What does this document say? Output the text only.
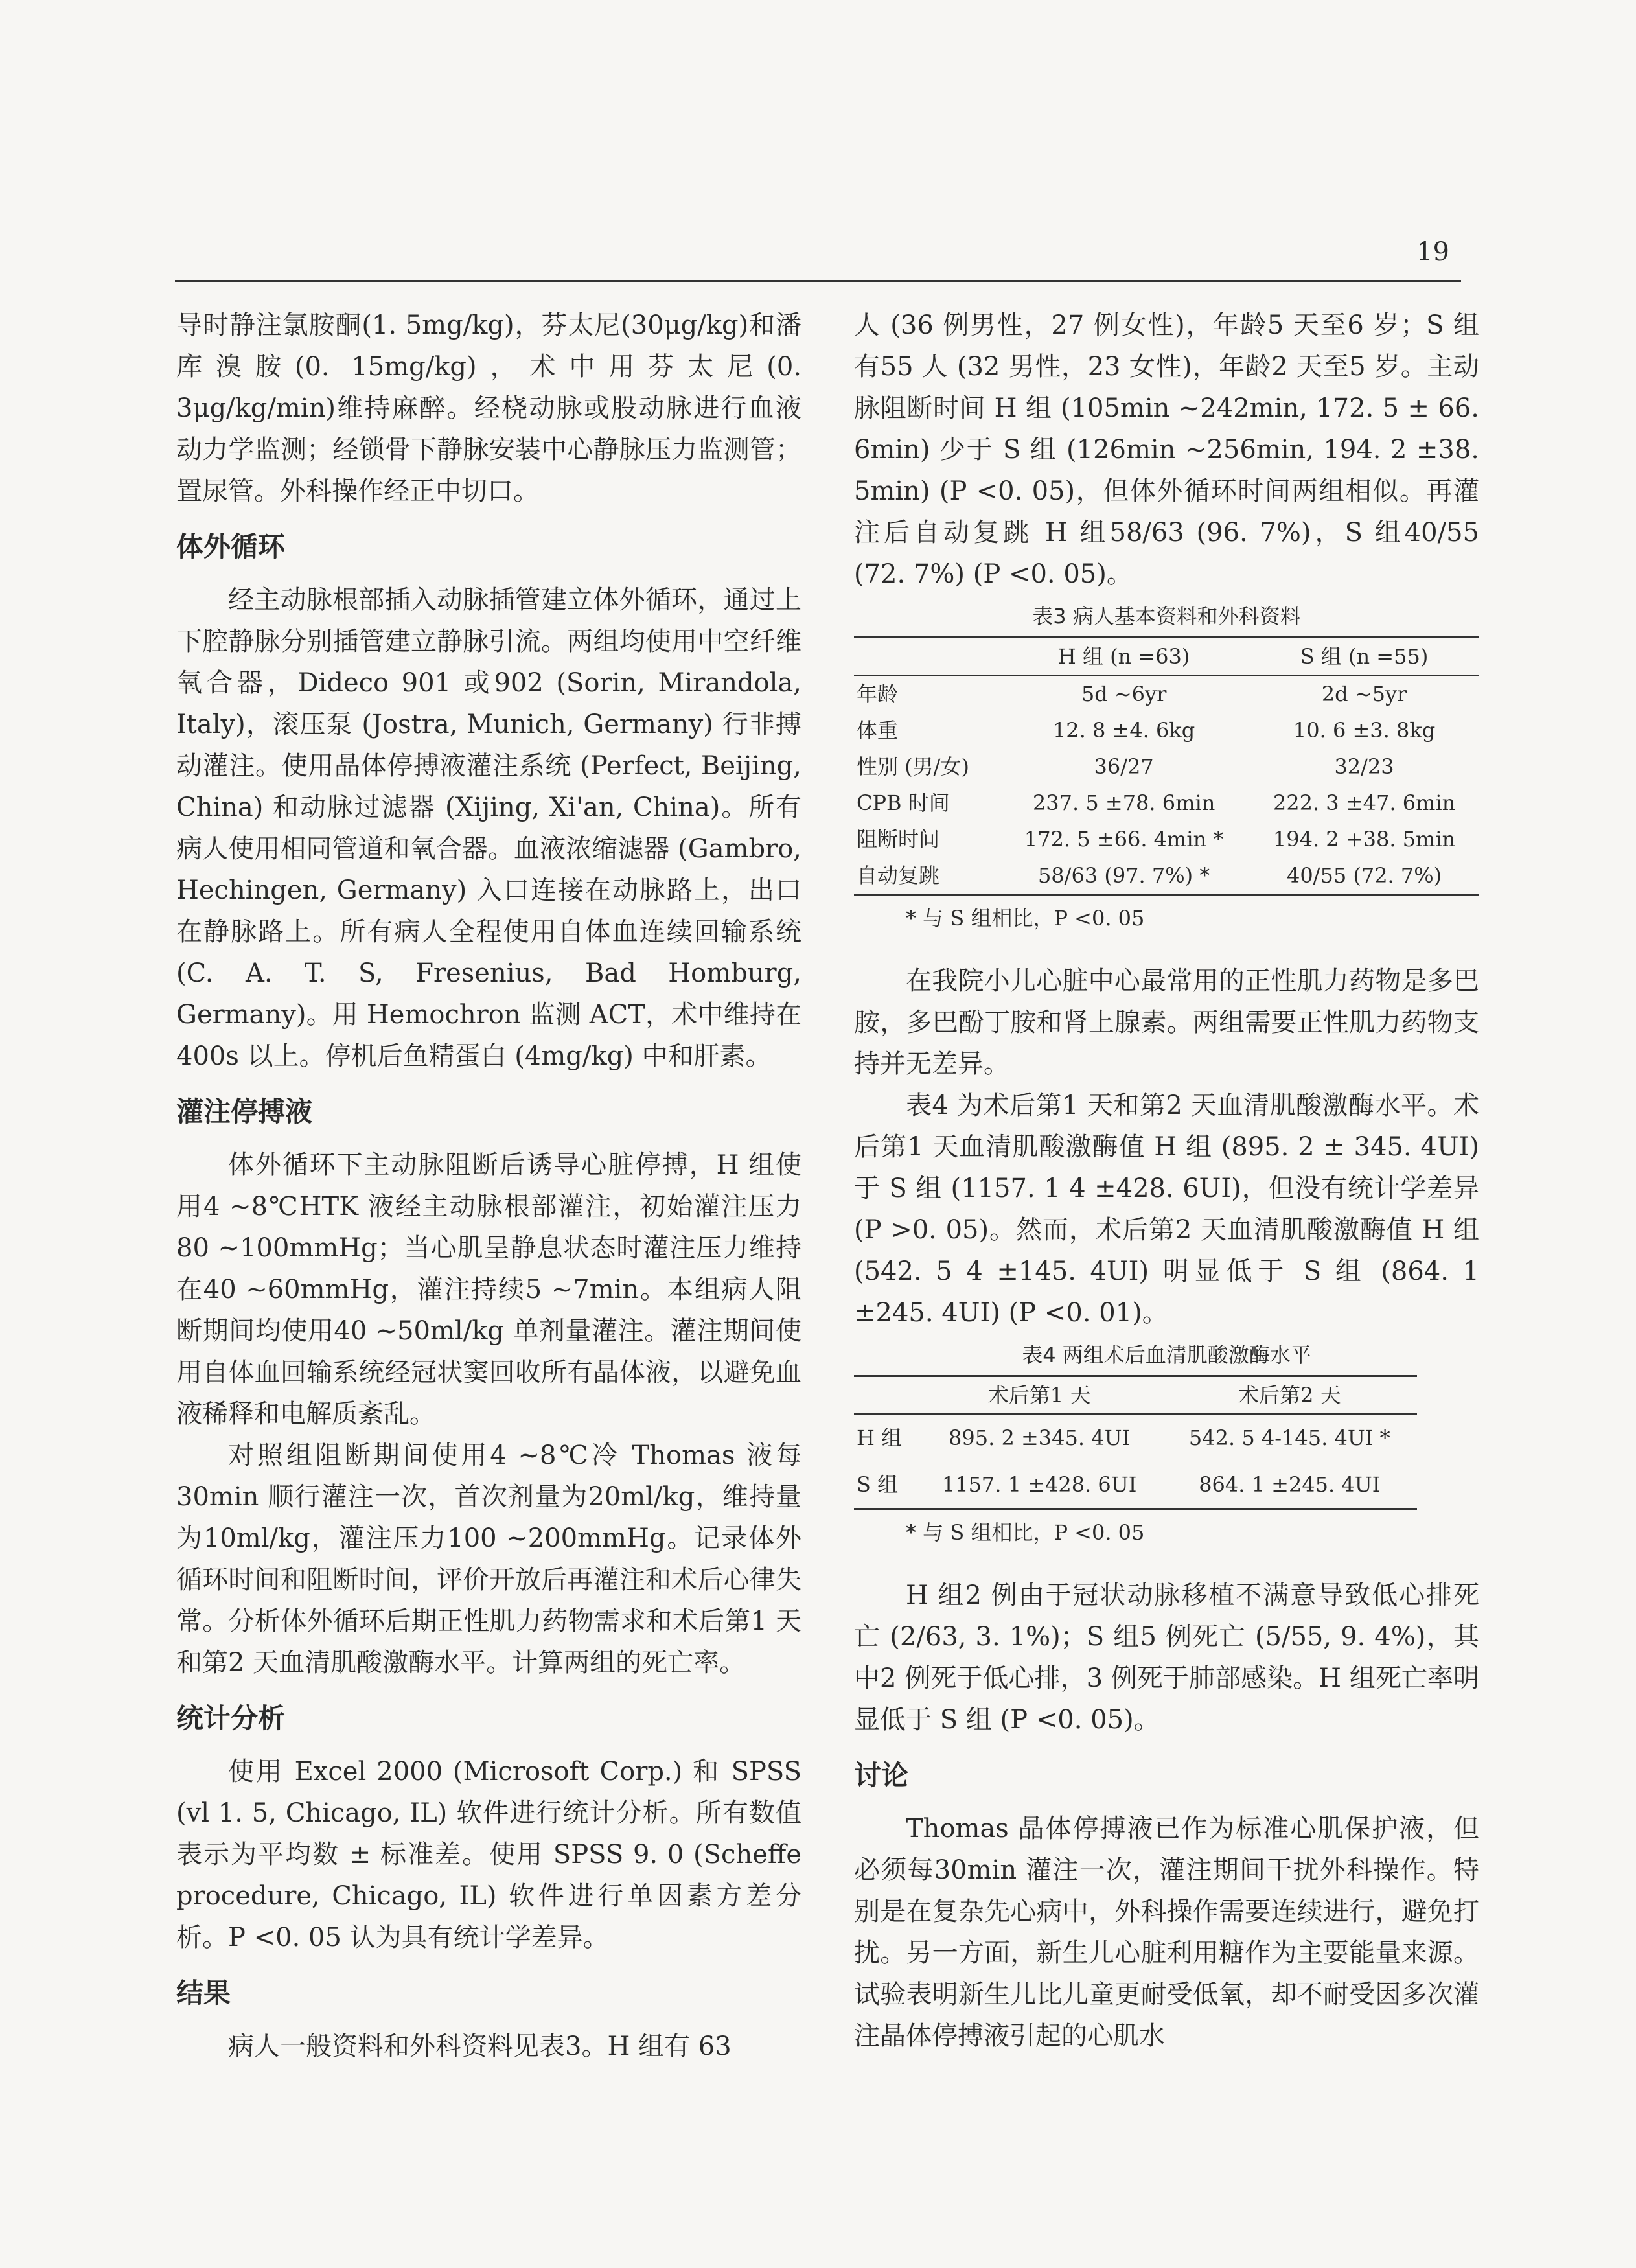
19

导时静注氯胺酮(1. 5mg/kg)，芬太尼(30μg/kg)和潘库溴胺(0. 15mg/kg)，术中用芬太尼(0. 3μg/kg/min)维持麻醉。经桡动脉或股动脉进行血液动力学监测；经锁骨下静脉安装中心静脉压力监测管；置尿管。外科操作经正中切口。

体外循环

经主动脉根部插入动脉插管建立体外循环，通过上下腔静脉分别插管建立静脉引流。两组均使用中空纤维氧合器，Dideco 901 或902 (Sorin, Mirandola, Italy)，滚压泵 (Jostra, Munich, Germany) 行非搏动灌注。使用晶体停搏液灌注系统 (Perfect, Beijing, China) 和动脉过滤器 (Xijing, Xi'an, China)。所有病人使用相同管道和氧合器。血液浓缩滤器 (Gambro, Hechingen, Germany) 入口连接在动脉路上，出口在静脉路上。所有病人全程使用自体血连续回输系统 (C. A. T. S, Fresenius, Bad Homburg, Germany)。用 Hemochron 监测 ACT，术中维持在 400s 以上。停机后鱼精蛋白 (4mg/kg) 中和肝素。

灌注停搏液

体外循环下主动脉阻断后诱导心脏停搏，H 组使用4 ~8℃HTK 液经主动脉根部灌注，初始灌注压力80 ~100mmHg；当心肌呈静息状态时灌注压力维持在40 ~60mmHg，灌注持续5 ~7min。本组病人阻断期间均使用40 ~50ml/kg 单剂量灌注。灌注期间使用自体血回输系统经冠状窦回收所有晶体液，以避免血液稀释和电解质紊乱。

对照组阻断期间使用4 ~8℃冷 Thomas 液每30min 顺行灌注一次，首次剂量为20ml/kg，维持量为10ml/kg，灌注压力100 ~200mmHg。记录体外循环时间和阻断时间，评价开放后再灌注和术后心律失常。分析体外循环后期正性肌力药物需求和术后第1 天和第2 天血清肌酸激酶水平。计算两组的死亡率。

统计分析

使用 Excel 2000 (Microsoft Corp.) 和 SPSS (vl 1. 5, Chicago, IL) 软件进行统计分析。所有数值表示为平均数 ± 标准差。使用 SPSS 9. 0 (Scheffe procedure, Chicago, IL) 软件进行单因素方差分析。P <0. 05 认为具有统计学差异。

结果

病人一般资料和外科资料见表3。H 组有 63

人 (36 例男性，27 例女性)，年龄5 天至6 岁；S 组有55 人 (32 男性，23 女性)，年龄2 天至5 岁。主动脉阻断时间 H 组 (105min ~242min, 172. 5 ± 66. 6min) 少于 S 组 (126min ~256min, 194. 2 ±38. 5min) (P <0. 05)，但体外循环时间两组相似。再灌注后自动复跳 H 组58/63 (96. 7%)，S 组40/55 (72. 7%) (P <0. 05)。

表3 病人基本资料和外科资料
	H 组 (n =63)	S 组 (n =55)
年龄	5d ~6yr	2d ~5yr
体重	12. 8 ±4. 6kg	10. 6 ±3. 8kg
性别 (男/女)	36/27	32/23
CPB 时间	237. 5 ±78. 6min	222. 3 ±47. 6min
阻断时间	172. 5 ±66. 4min *	194. 2 +38. 5min
自动复跳	58/63 (97. 7%) *	40/55 (72. 7%)
* 与 S 组相比，P <0. 05

在我院小儿心脏中心最常用的正性肌力药物是多巴胺，多巴酚丁胺和肾上腺素。两组需要正性肌力药物支持并无差异。

表4 为术后第1 天和第2 天血清肌酸激酶水平。术后第1 天血清肌酸激酶值 H 组 (895. 2 ± 345. 4UI) 于 S 组 (1157. 1 4 ±428. 6UI)，但没有统计学差异 (P >0. 05)。然而，术后第2 天血清肌酸激酶值 H 组 (542. 5 4 ±145. 4UI) 明显低于 S 组 (864. 1 ±245. 4UI) (P <0. 01)。

表4 两组术后血清肌酸激酶水平
	术后第1 天	术后第2 天
H 组	895. 2 ±345. 4UI	542. 5 4-145. 4UI *
S 组	1157. 1 ±428. 6UI	864. 1 ±245. 4UI
* 与 S 组相比，P <0. 05

H 组2 例由于冠状动脉移植不满意导致低心排死亡 (2/63, 3. 1%)；S 组5 例死亡 (5/55, 9. 4%)，其中2 例死于低心排，3 例死于肺部感染。H 组死亡率明显低于 S 组 (P <0. 05)。

讨论

Thomas 晶体停搏液已作为标准心肌保护液，但必须每30min 灌注一次，灌注期间干扰外科操作。特别是在复杂先心病中，外科操作需要连续进行，避免打扰。另一方面，新生儿心脏利用糖作为主要能量来源。试验表明新生儿比儿童更耐受低氧，却不耐受因多次灌注晶体停搏液引起的心肌水
